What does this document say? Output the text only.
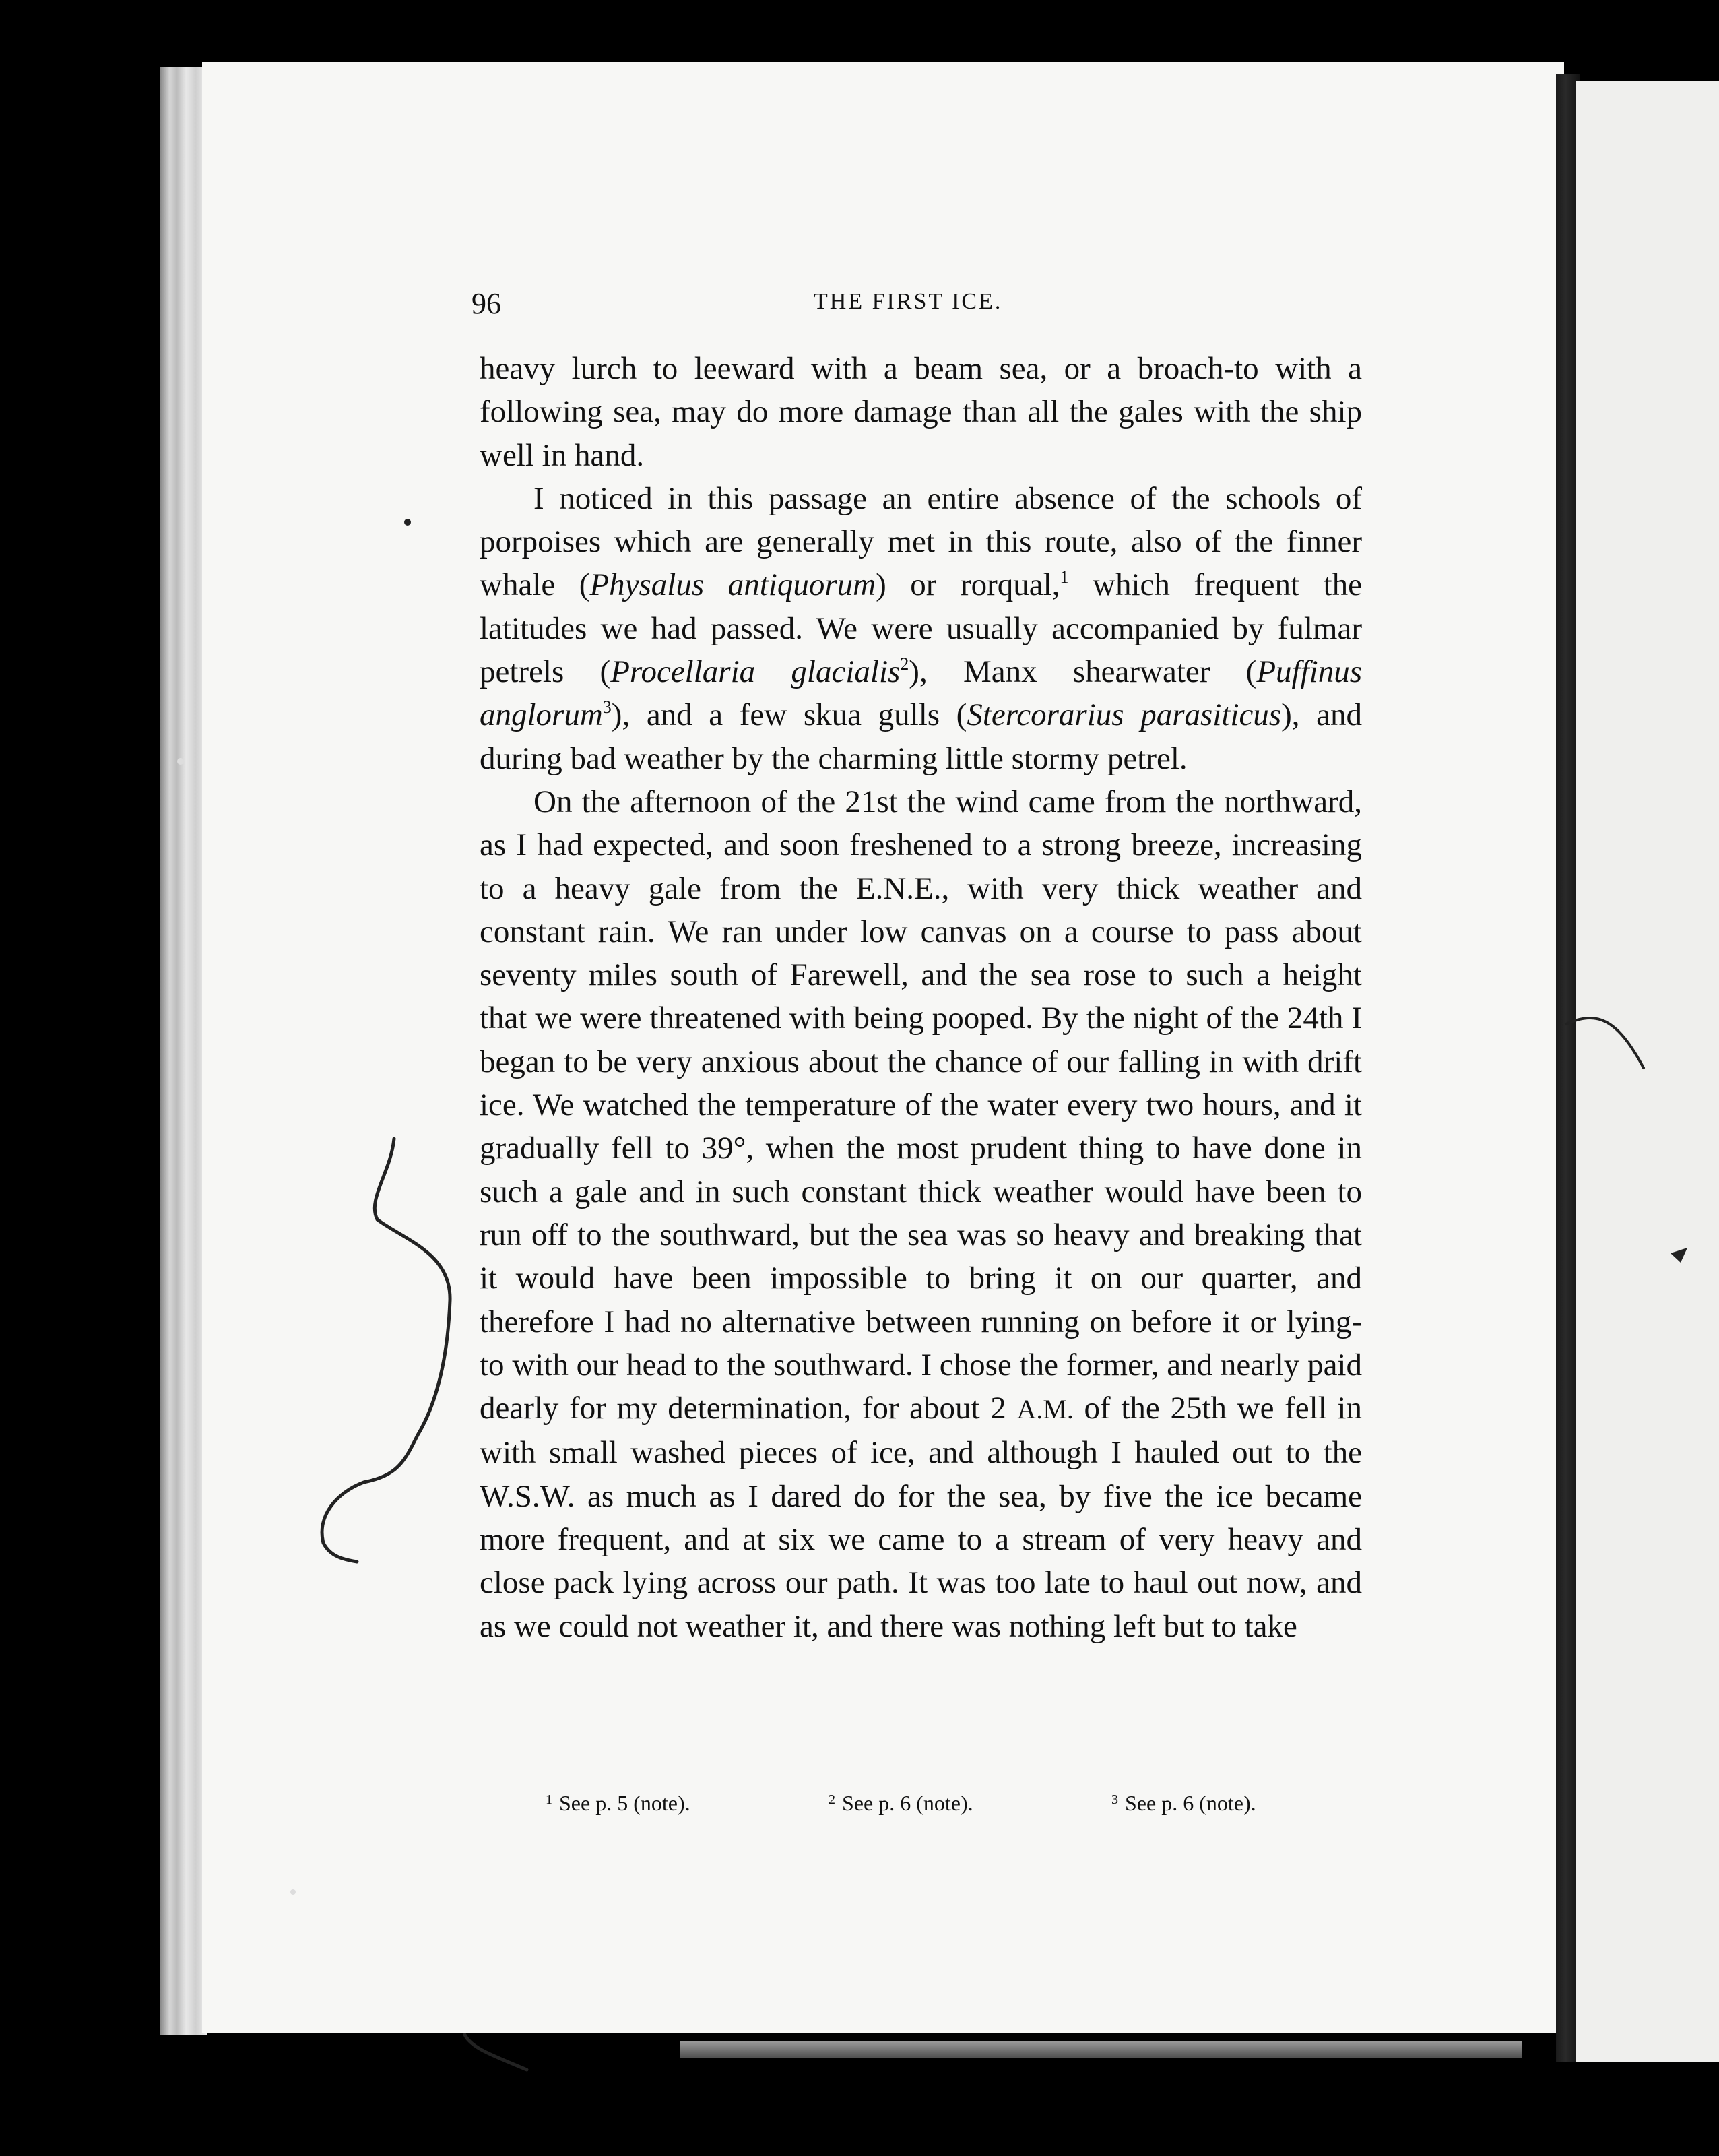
96	THE FIRST ICE.

heavy lurch to leeward with a beam sea, or a broach-to with a following sea, may do more damage than all the gales with the ship well in hand.

I noticed in this passage an entire absence of the schools of porpoises which are generally met in this route, also of the finner whale (Physalus antiquorum) or rorqual,$^1$ which frequent the latitudes we had passed. We were usually accompanied by fulmar petrels (Procellaria glacialis$^2$), Manx shearwater (Puffinus anglorum$^3$), and a few skua gulls (Stercorarius parasiticus), and during bad weather by the charming little stormy petrel.

On the afternoon of the 21st the wind came from the northward, as I had expected, and soon freshened to a strong breeze, increasing to a heavy gale from the E.N.E., with very thick weather and constant rain. We ran under low canvas on a course to pass about seventy miles south of Farewell, and the sea rose to such a height that we were threatened with being pooped. By the night of the 24th I began to be very anxious about the chance of our falling in with drift ice. We watched the temperature of the water every two hours, and it gradually fell to 39°, when the most prudent thing to have done in such a gale and in such constant thick weather would have been to run off to the southward, but the sea was so heavy and breaking that it would have been impossible to bring it on our quarter, and therefore I had no alternative between running on before it or lying-to with our head to the southward. I chose the former, and nearly paid dearly for my determination, for about 2 A.M. of the 25th we fell in with small washed pieces of ice, and although I hauled out to the W.S.W. as much as I dared do for the sea, by five the ice became more frequent, and at six we came to a stream of very heavy and close pack lying across our path. It was too late to haul out now, and as we could not weather it, and there was nothing left but to take

$^1$ See p. 5 (note).	$^2$ See p. 6 (note).	$^3$ See p. 6 (note).
